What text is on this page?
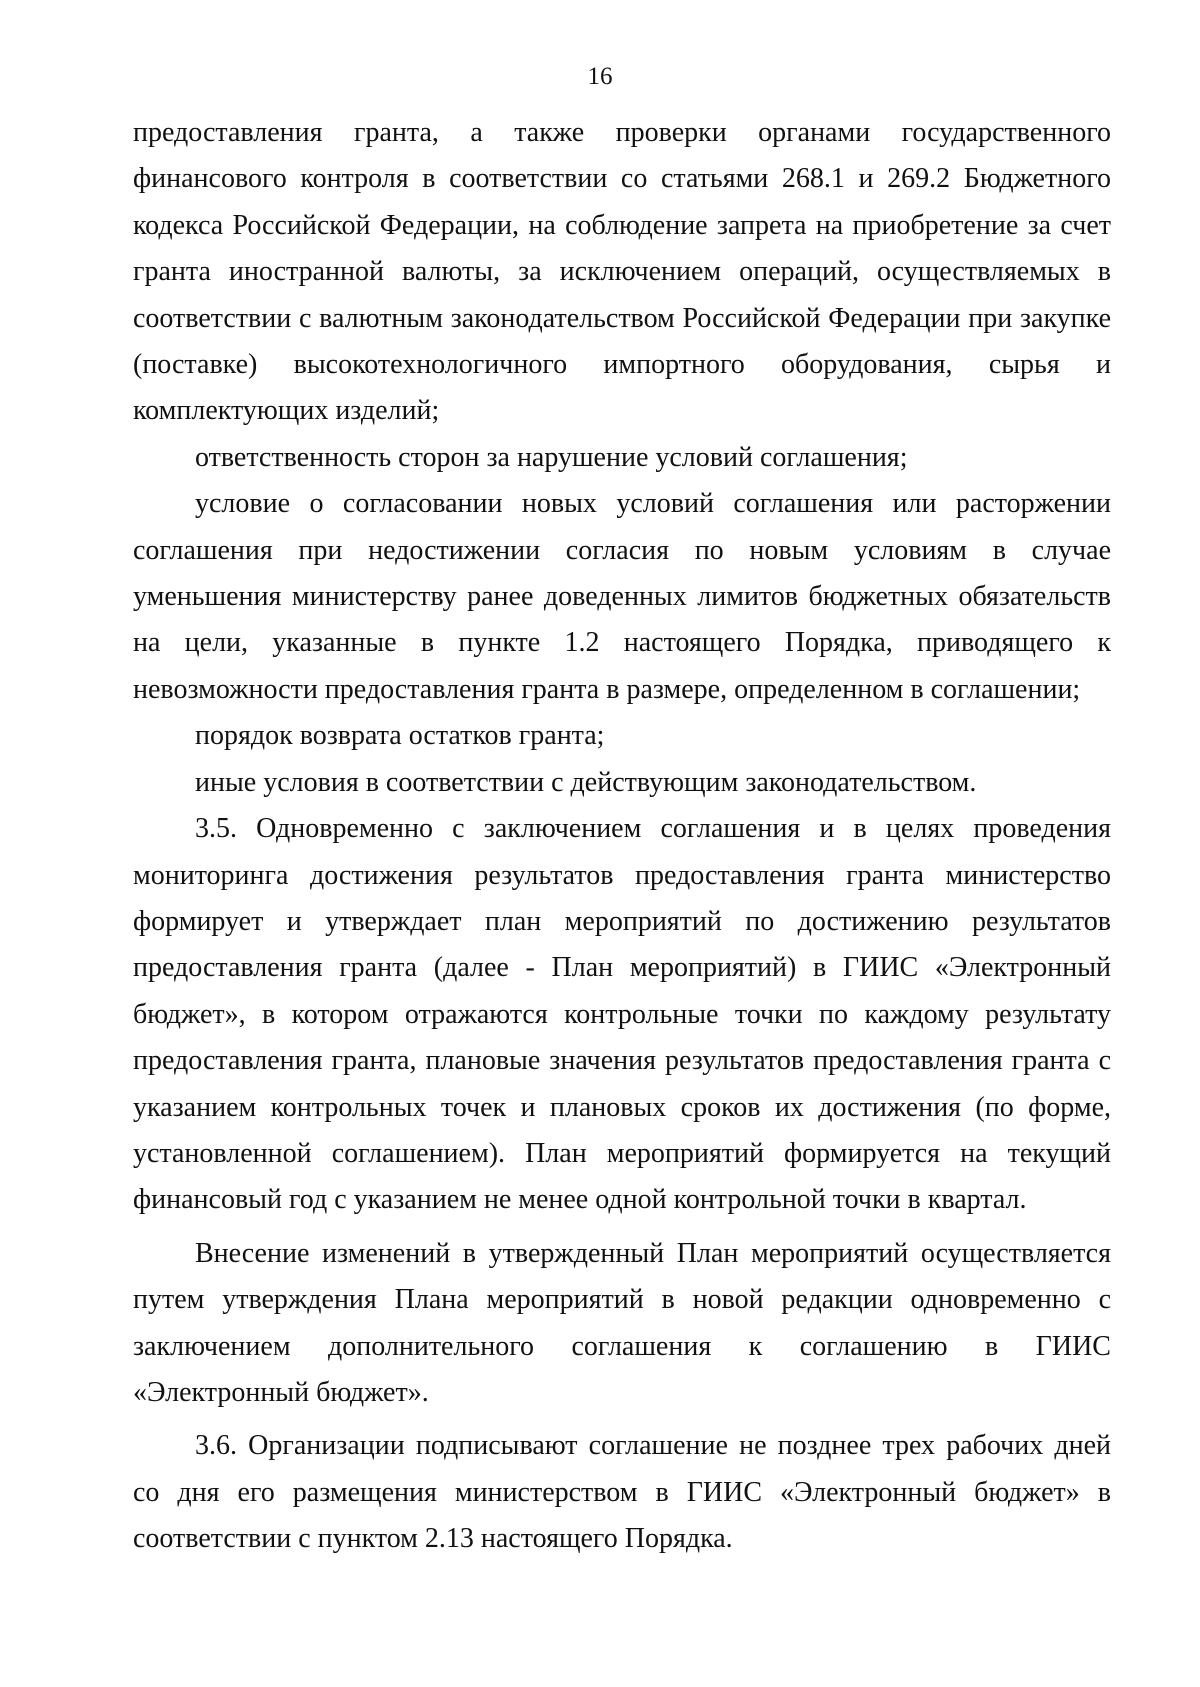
16

предоставления гранта, а также проверки органами государственного финансового контроля в соответствии со статьями 268.1 и 269.2 Бюджетного кодекса Российской Федерации, на соблюдение запрета на приобретение за счет гранта иностранной валюты, за исключением операций, осуществляемых в соответствии с валютным законодательством Российской Федерации при закупке (поставке) высокотехнологичного импортного оборудования, сырья и комплектующих изделий;

ответственность сторон за нарушение условий соглашения;

условие о согласовании новых условий соглашения или расторжении соглашения при недостижении согласия по новым условиям в случае уменьшения министерству ранее доведенных лимитов бюджетных обязательств на цели, указанные в пункте 1.2 настоящего Порядка, приводящего к невозможности предоставления гранта в размере, определенном в соглашении;

порядок возврата остатков гранта;

иные условия в соответствии с действующим законодательством.

3.5. Одновременно с заключением соглашения и в целях проведения мониторинга достижения результатов предоставления гранта министерство формирует и утверждает план мероприятий по достижению результатов предоставления гранта (далее - План мероприятий) в ГИИС «Электронный бюджет», в котором отражаются контрольные точки по каждому результату предоставления гранта, плановые значения результатов предоставления гранта с указанием контрольных точек и плановых сроков их достижения (по форме, установленной соглашением). План мероприятий формируется на текущий финансовый год с указанием не менее одной контрольной точки в квартал.

Внесение изменений в утвержденный План мероприятий осуществляется путем утверждения Плана мероприятий в новой редакции одновременно с заключением дополнительного соглашения к соглашению в ГИИС «Электронный бюджет».

3.6. Организации подписывают соглашение не позднее трех рабочих дней со дня его размещения министерством в ГИИС «Электронный бюджет» в соответствии с пунктом 2.13 настоящего Порядка.
